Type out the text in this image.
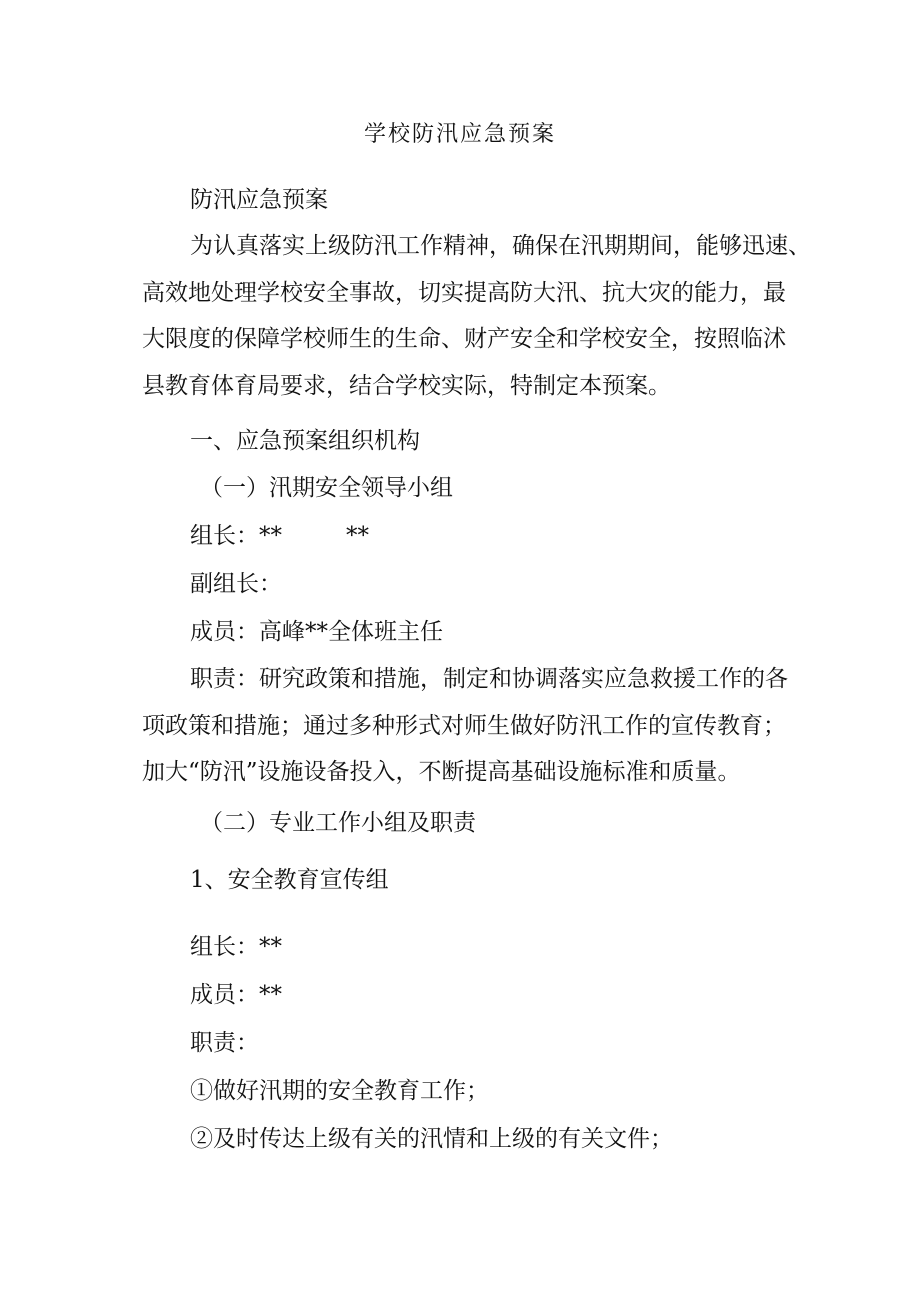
学校防汛应急预案
防汛应急预案
为认真落实上级防汛工作精神，确保在汛期期间，能够迅速、
高效地处理学校安全事故，切实提高防大汛、抗大灾的能力，最
大限度的保障学校师生的生命、财产安全和学校安全，按照临沭
县教育体育局要求，结合学校实际，特制定本预案。
一、应急预案组织机构
（一）汛期安全领导小组
组长：**	**
副组长：
成员：高峰**全体班主任
职责：研究政策和措施，制定和协调落实应急救援工作的各
项政策和措施；通过多种形式对师生做好防汛工作的宣传教育；
加大“防汛”设施设备投入，不断提高基础设施标准和质量。
（二）专业工作小组及职责
1、安全教育宣传组
组长：**
成员：**
职责：
①做好汛期的安全教育工作；
②及时传达上级有关的汛情和上级的有关文件；
